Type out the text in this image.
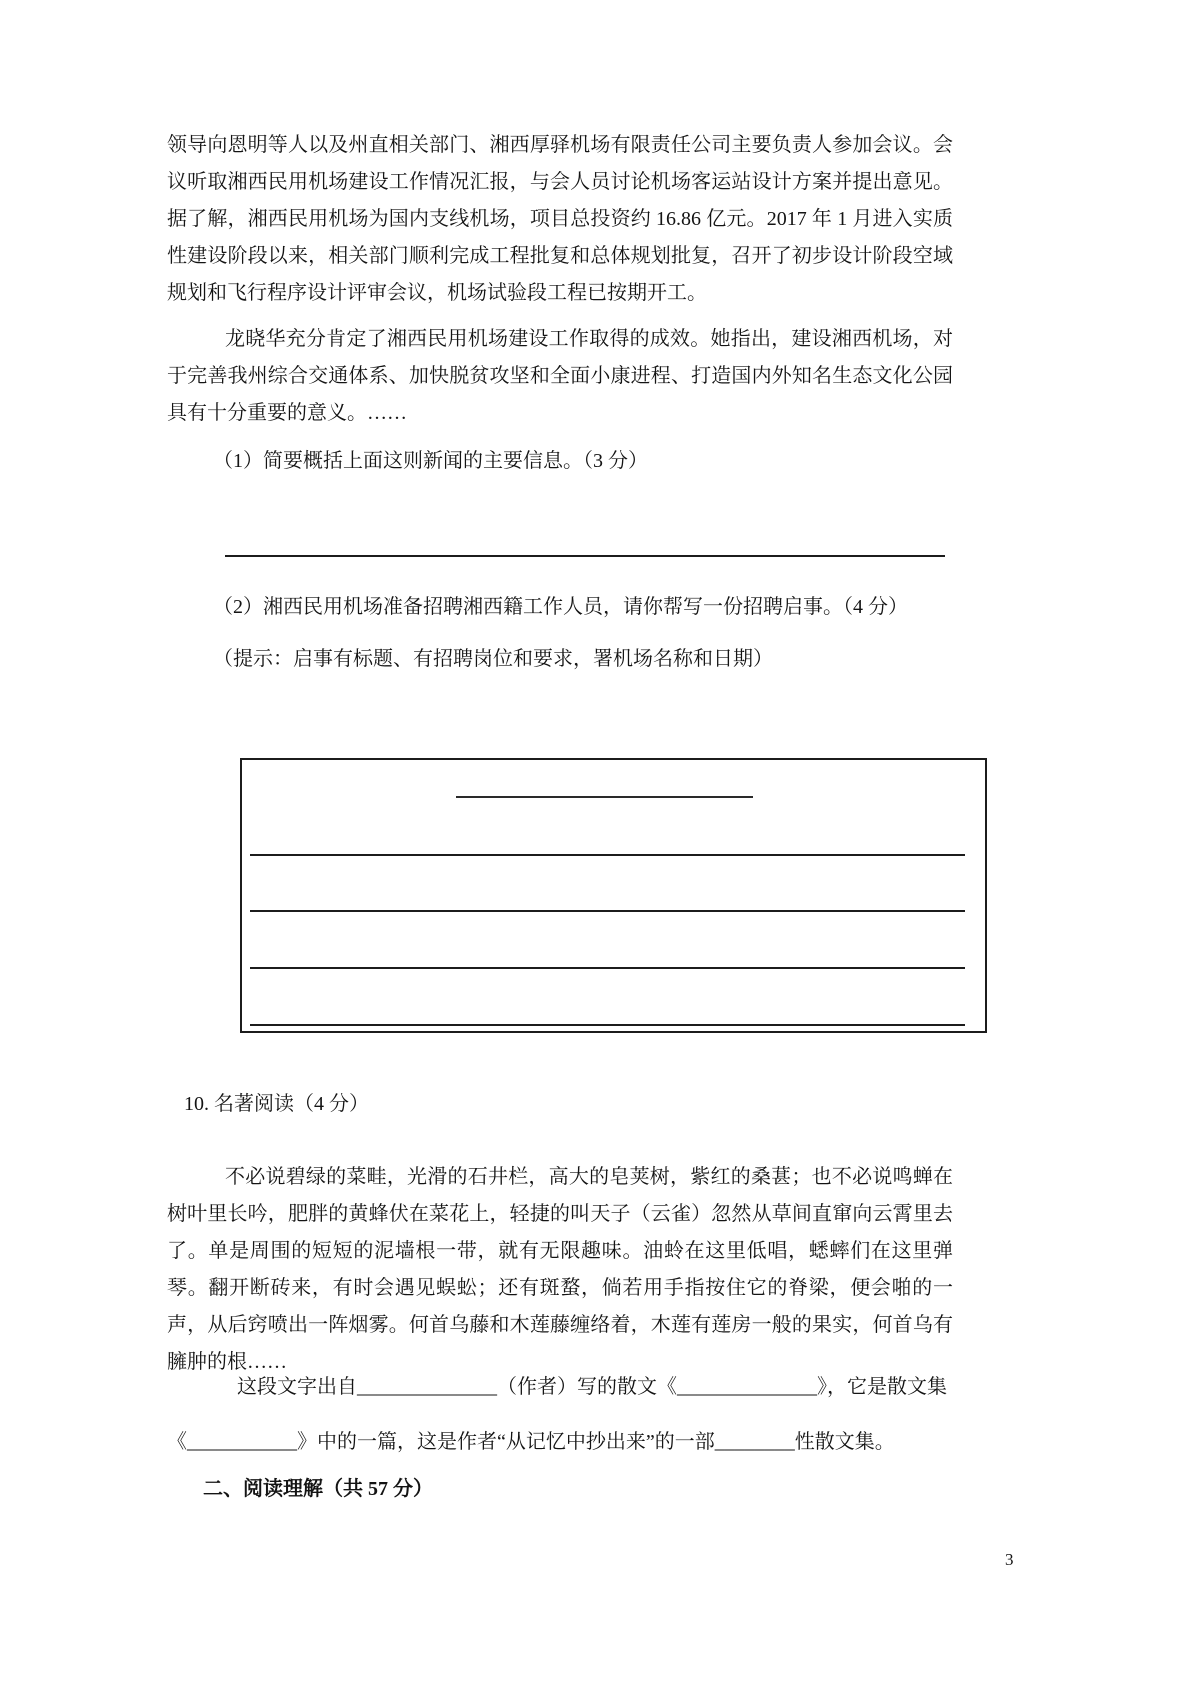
领导向恩明等人以及州直相关部门、湘西厚驿机场有限责任公司主要负责人参加会议。会议听取湘西民用机场建设工作情况汇报，与会人员讨论机场客运站设计方案并提出意见。据了解，湘西民用机场为国内支线机场，项目总投资约 16.86 亿元。2017 年 1 月进入实质性建设阶段以来，相关部门顺利完成工程批复和总体规划批复，召开了初步设计阶段空域规划和飞行程序设计评审会议，机场试验段工程已按期开工。

龙晓华充分肯定了湘西民用机场建设工作取得的成效。她指出，建设湘西机场，对于完善我州综合交通体系、加快脱贫攻坚和全面小康进程、打造国内外知名生态文化公园具有十分重要的意义。……

（1）简要概括上面这则新闻的主要信息。（3 分）

（2）湘西民用机场准备招聘湘西籍工作人员，请你帮写一份招聘启事。（4 分）

（提示：启事有标题、有招聘岗位和要求，署机场名称和日期）

10. 名著阅读（4 分）

不必说碧绿的菜畦，光滑的石井栏，高大的皂荚树，紫红的桑葚；也不必说鸣蝉在树叶里长吟，肥胖的黄蜂伏在菜花上，轻捷的叫天子（云雀）忽然从草间直窜向云霄里去了。单是周围的短短的泥墙根一带，就有无限趣味。油蛉在这里低唱，蟋蟀们在这里弹琴。翻开断砖来，有时会遇见蜈蚣；还有斑蝥，倘若用手指按住它的脊梁，便会啪的一声，从后窍喷出一阵烟雾。何首乌藤和木莲藤缠络着，木莲有莲房一般的果实，何首乌有臃肿的根……

这段文字出自______________（作者）写的散文《______________》，它是散文集

《___________》中的一篇，这是作者“从记忆中抄出来”的一部________性散文集。

二、阅读理解（共 57 分）

3
